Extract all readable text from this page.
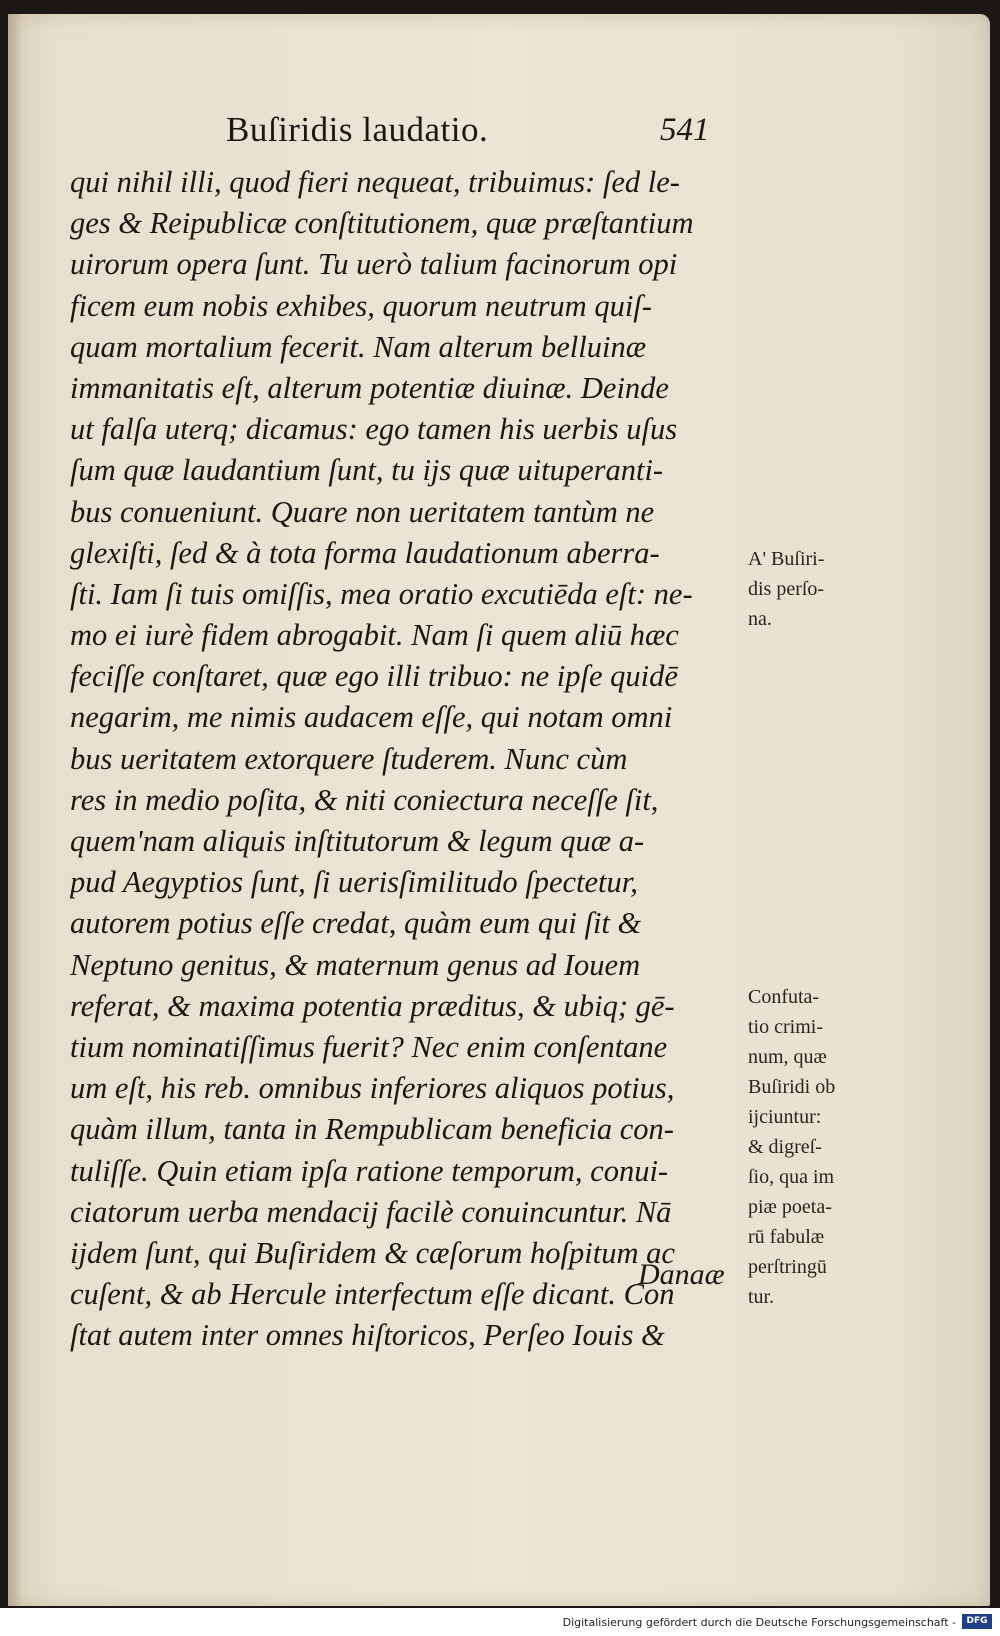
Buſiridis laudatio.	541
qui nihil illi, quod fieri nequeat, tribuimus: ſed le-
ges & Reipublicæ conſtitutionem, quæ præſtantium
uirorum opera ſunt. Tu uerò talium facinorum opi
ficem eum nobis exhibes, quorum neutrum quiſ-
quam mortalium fecerit. Nam alterum belluinæ
immanitatis eſt, alterum potentiæ diuinæ. Deinde
ut falſa uterq; dicamus: ego tamen his uerbis uſus
ſum quæ laudantium ſunt, tu ijs quæ uituperanti-
bus conueniunt. Quare non ueritatem tantùm ne
glexiſti, ſed & à tota forma laudationum aberra-
ſti. Iam ſi tuis omiſſis, mea oratio excutiēda eſt: ne-
mo ei iurè fidem abrogabit. Nam ſi quem aliū hæc
feciſſe conſtaret, quæ ego illi tribuo: ne ipſe quidē
negarim, me nimis audacem eſſe, qui notam omni
bus ueritatem extorquere ſtuderem. Nunc cùm
res in medio poſita, & niti coniectura neceſſe ſit,
quem'nam aliquis inſtitutorum & legum quæ a-
pud Aegyptios ſunt, ſi uerisſimilitudo ſpectetur,
autorem potius eſſe credat, quàm eum qui ſit &
Neptuno genitus, & maternum genus ad Iouem
referat, & maxima potentia præditus, & ubiq; gē-
tium nominatiſſimus fuerit? Nec enim conſentane
um eſt, his reb. omnibus inferiores aliquos potius,
quàm illum, tanta in Rempublicam beneficia con-
tuliſſe. Quin etiam ipſa ratione temporum, conui-
ciatorum uerba mendacij facilè conuincuntur. Nā
ijdem ſunt, qui Buſiridem & cæſorum hoſpitum ac
cuſent, & ab Hercule interfectum eſſe dicant. Con
ſtat autem inter omnes hiſtoricos, Perſeo Iouis &
Danaæ
A' Buſiri-
dis perſo-
na.
Confuta-
tio crimi-
num, quæ
Buſiridi ob
ijciuntur:
& digreſ-
ſio, qua im
piæ poeta-
rū fabulæ
perſtringū
tur.
Digitalisierung gefördert durch die Deutsche Forschungsgemeinschaft -	DFG
